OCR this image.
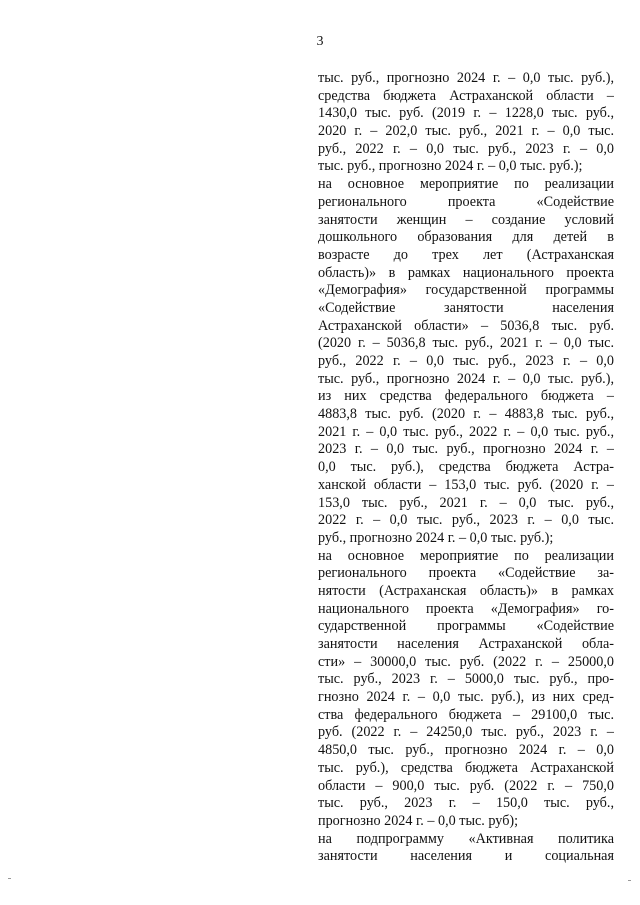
3
тыс. руб., прогнозно 2024 г. – 0,0 тыс. руб.),
средства бюджета Астраханской области –
1430,0 тыс. руб. (2019 г. – 1228,0 тыс. руб.,
2020 г. – 202,0 тыс. руб., 2021 г. – 0,0 тыс.
руб., 2022 г. – 0,0 тыс. руб., 2023 г. – 0,0
тыс. руб., прогнозно 2024 г. – 0,0 тыс. руб.);
на основное мероприятие по реализации
регионального проекта «Содействие
занятости женщин – создание условий
дошкольного образования для детей в
возрасте до трех лет (Астраханская
область)» в рамках национального проекта
«Демография» государственной программы
«Содействие занятости населения
Астраханской области» – 5036,8 тыс. руб.
(2020 г. – 5036,8 тыс. руб., 2021 г. – 0,0 тыс.
руб., 2022 г. – 0,0 тыс. руб., 2023 г. – 0,0
тыс. руб., прогнозно 2024 г. – 0,0 тыс. руб.),
из них средства федерального бюджета –
4883,8 тыс. руб. (2020 г. – 4883,8 тыс. руб.,
2021 г. – 0,0 тыс. руб., 2022 г. – 0,0 тыс. руб.,
2023 г. – 0,0 тыс. руб., прогнозно 2024 г. –
0,0 тыс. руб.), средства бюджета Астра-
ханской области – 153,0 тыс. руб. (2020 г. –
153,0 тыс. руб., 2021 г. – 0,0 тыс. руб.,
2022 г. – 0,0 тыс. руб., 2023 г. – 0,0 тыс.
руб., прогнозно 2024 г. – 0,0 тыс. руб.);
на основное мероприятие по реализации
регионального проекта «Содействие за-
нятости (Астраханская область)» в рамках
национального проекта «Демография» го-
сударственной программы «Содействие
занятости населения Астраханской обла-
сти» – 30000,0 тыс. руб. (2022 г. – 25000,0
тыс. руб., 2023 г. – 5000,0 тыс. руб., про-
гнозно 2024 г. – 0,0 тыс. руб.), из них сред-
ства федерального бюджета – 29100,0 тыс.
руб. (2022 г. – 24250,0 тыс. руб., 2023 г. –
4850,0 тыс. руб., прогнозно 2024 г. – 0,0
тыс. руб.), средства бюджета Астраханской
области – 900,0 тыс. руб. (2022 г. – 750,0
тыс. руб., 2023 г. – 150,0 тыс. руб.,
прогнозно 2024 г. – 0,0 тыс. руб);
на подпрограмму «Активная политика
занятости населения и социальная
